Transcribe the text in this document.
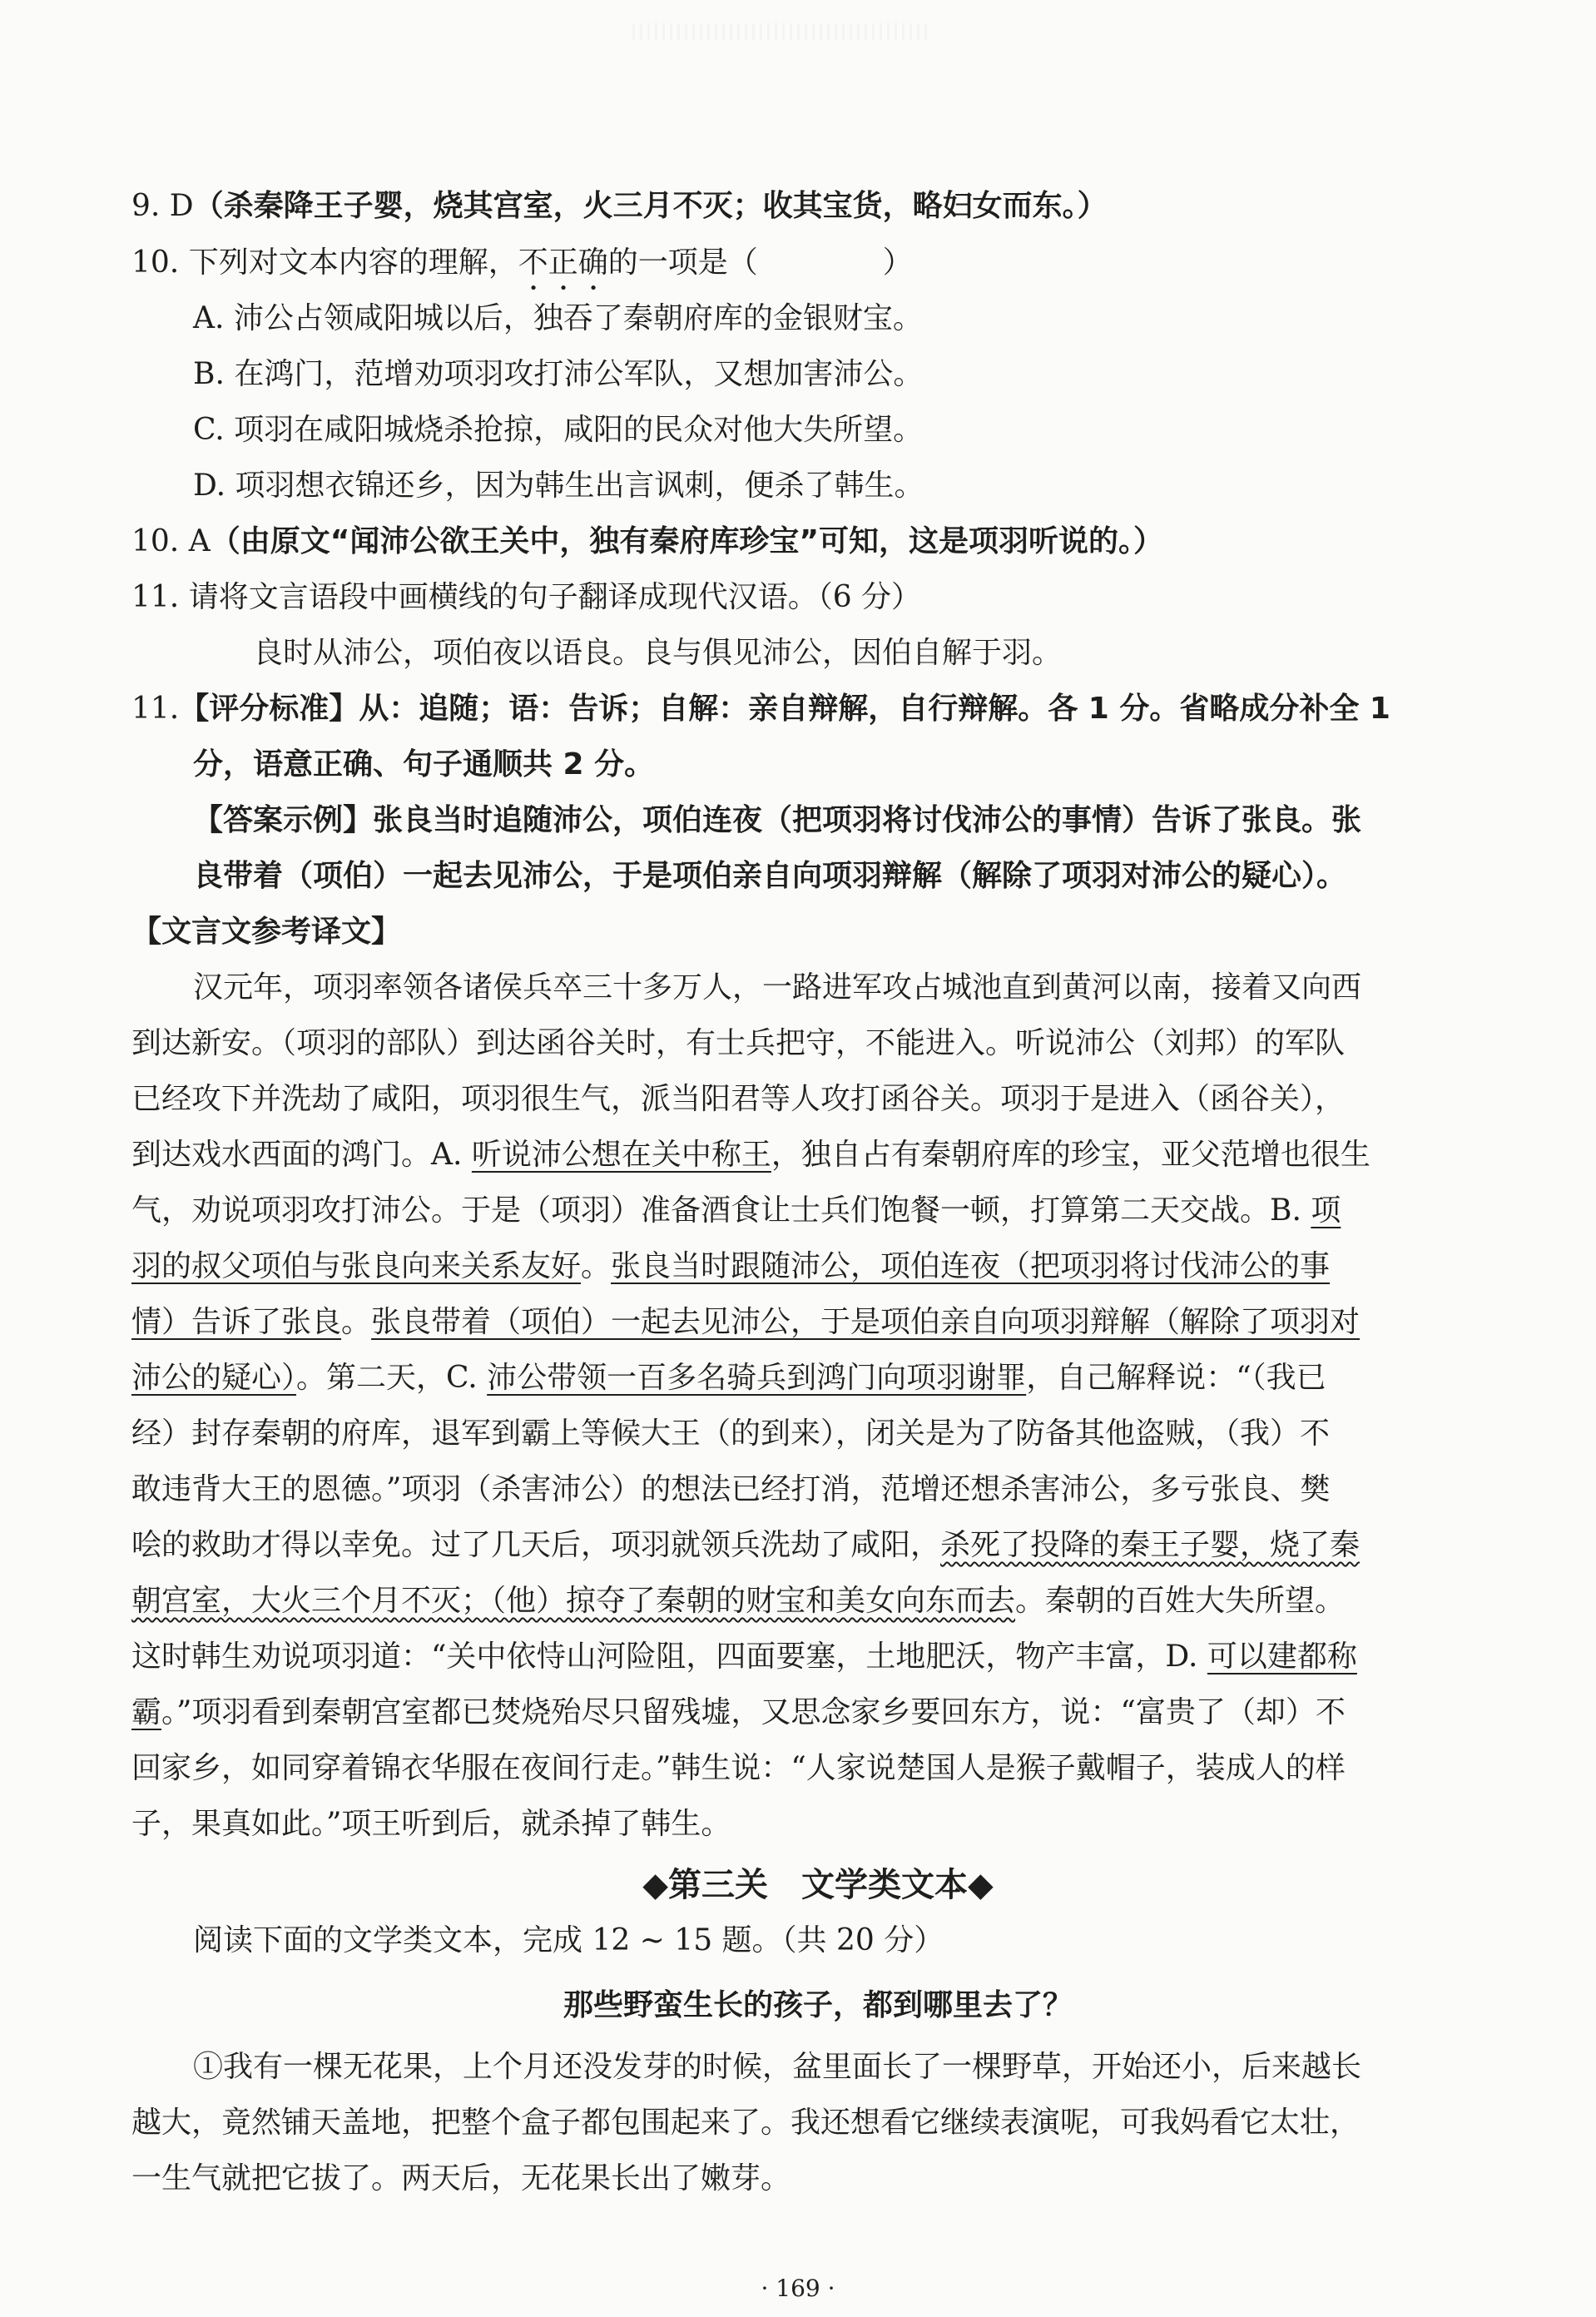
9. D（杀秦降王子婴，烧其宫室，火三月不灭；收其宝货，略妇女而东。）
10. 下列对文本内容的理解，不正确的一项是（	）
A. 沛公占领咸阳城以后，独吞了秦朝府库的金银财宝。
B. 在鸿门，范增劝项羽攻打沛公军队，又想加害沛公。
C. 项羽在咸阳城烧杀抢掠，咸阳的民众对他大失所望。
D. 项羽想衣锦还乡，因为韩生出言讽刺，便杀了韩生。
10. A（由原文“闻沛公欲王关中，独有秦府库珍宝”可知，这是项羽听说的。）
11. 请将文言语段中画横线的句子翻译成现代汉语。（6 分）
良时从沛公，项伯夜以语良。良与俱见沛公，因伯自解于羽。
11.【评分标准】从：追随；语：告诉；自解：亲自辩解，自行辩解。各 1 分。省略成分补全 1
分，语意正确、句子通顺共 2 分。
【答案示例】张良当时追随沛公，项伯连夜（把项羽将讨伐沛公的事情）告诉了张良。张
良带着（项伯）一起去见沛公，于是项伯亲自向项羽辩解（解除了项羽对沛公的疑心）。
【文言文参考译文】
汉元年，项羽率领各诸侯兵卒三十多万人，一路进军攻占城池直到黄河以南，接着又向西
到达新安。（项羽的部队）到达函谷关时，有士兵把守，不能进入。听说沛公（刘邦）的军队
已经攻下并洗劫了咸阳，项羽很生气，派当阳君等人攻打函谷关。项羽于是进入（函谷关），
到达戏水西面的鸿门。A. 听说沛公想在关中称王，独自占有秦朝府库的珍宝，亚父范增也很生
气，劝说项羽攻打沛公。于是（项羽）准备酒食让士兵们饱餐一顿，打算第二天交战。B. 项
羽的叔父项伯与张良向来关系友好。张良当时跟随沛公，项伯连夜（把项羽将讨伐沛公的事
情）告诉了张良。张良带着（项伯）一起去见沛公，于是项伯亲自向项羽辩解（解除了项羽对
沛公的疑心）。第二天，C. 沛公带领一百多名骑兵到鸿门向项羽谢罪，自己解释说：“（我已
经）封存秦朝的府库，退军到霸上等候大王（的到来），闭关是为了防备其他盗贼，（我）不
敢违背大王的恩德。”项羽（杀害沛公）的想法已经打消，范增还想杀害沛公，多亏张良、樊
哙的救助才得以幸免。过了几天后，项羽就领兵洗劫了咸阳，杀死了投降的秦王子婴，烧了秦
朝宫室，大火三个月不灭；（他）掠夺了秦朝的财宝和美女向东而去。秦朝的百姓大失所望。
这时韩生劝说项羽道：“关中依恃山河险阻，四面要塞，土地肥沃，物产丰富，D. 可以建都称
霸。”项羽看到秦朝宫室都已焚烧殆尽只留残墟，又思念家乡要回东方，说：“富贵了（却）不
回家乡，如同穿着锦衣华服在夜间行走。”韩生说：“人家说楚国人是猴子戴帽子，装成人的样
子，果真如此。”项王听到后，就杀掉了韩生。
◆第三关　文学类文本◆
阅读下面的文学类文本，完成 12 ~ 15 题。（共 20 分）
那些野蛮生长的孩子，都到哪里去了？
①我有一棵无花果，上个月还没发芽的时候，盆里面长了一棵野草，开始还小，后来越长
越大，竟然铺天盖地，把整个盒子都包围起来了。我还想看它继续表演呢，可我妈看它太壮，
一生气就把它拔了。两天后，无花果长出了嫩芽。
· 169 ·
